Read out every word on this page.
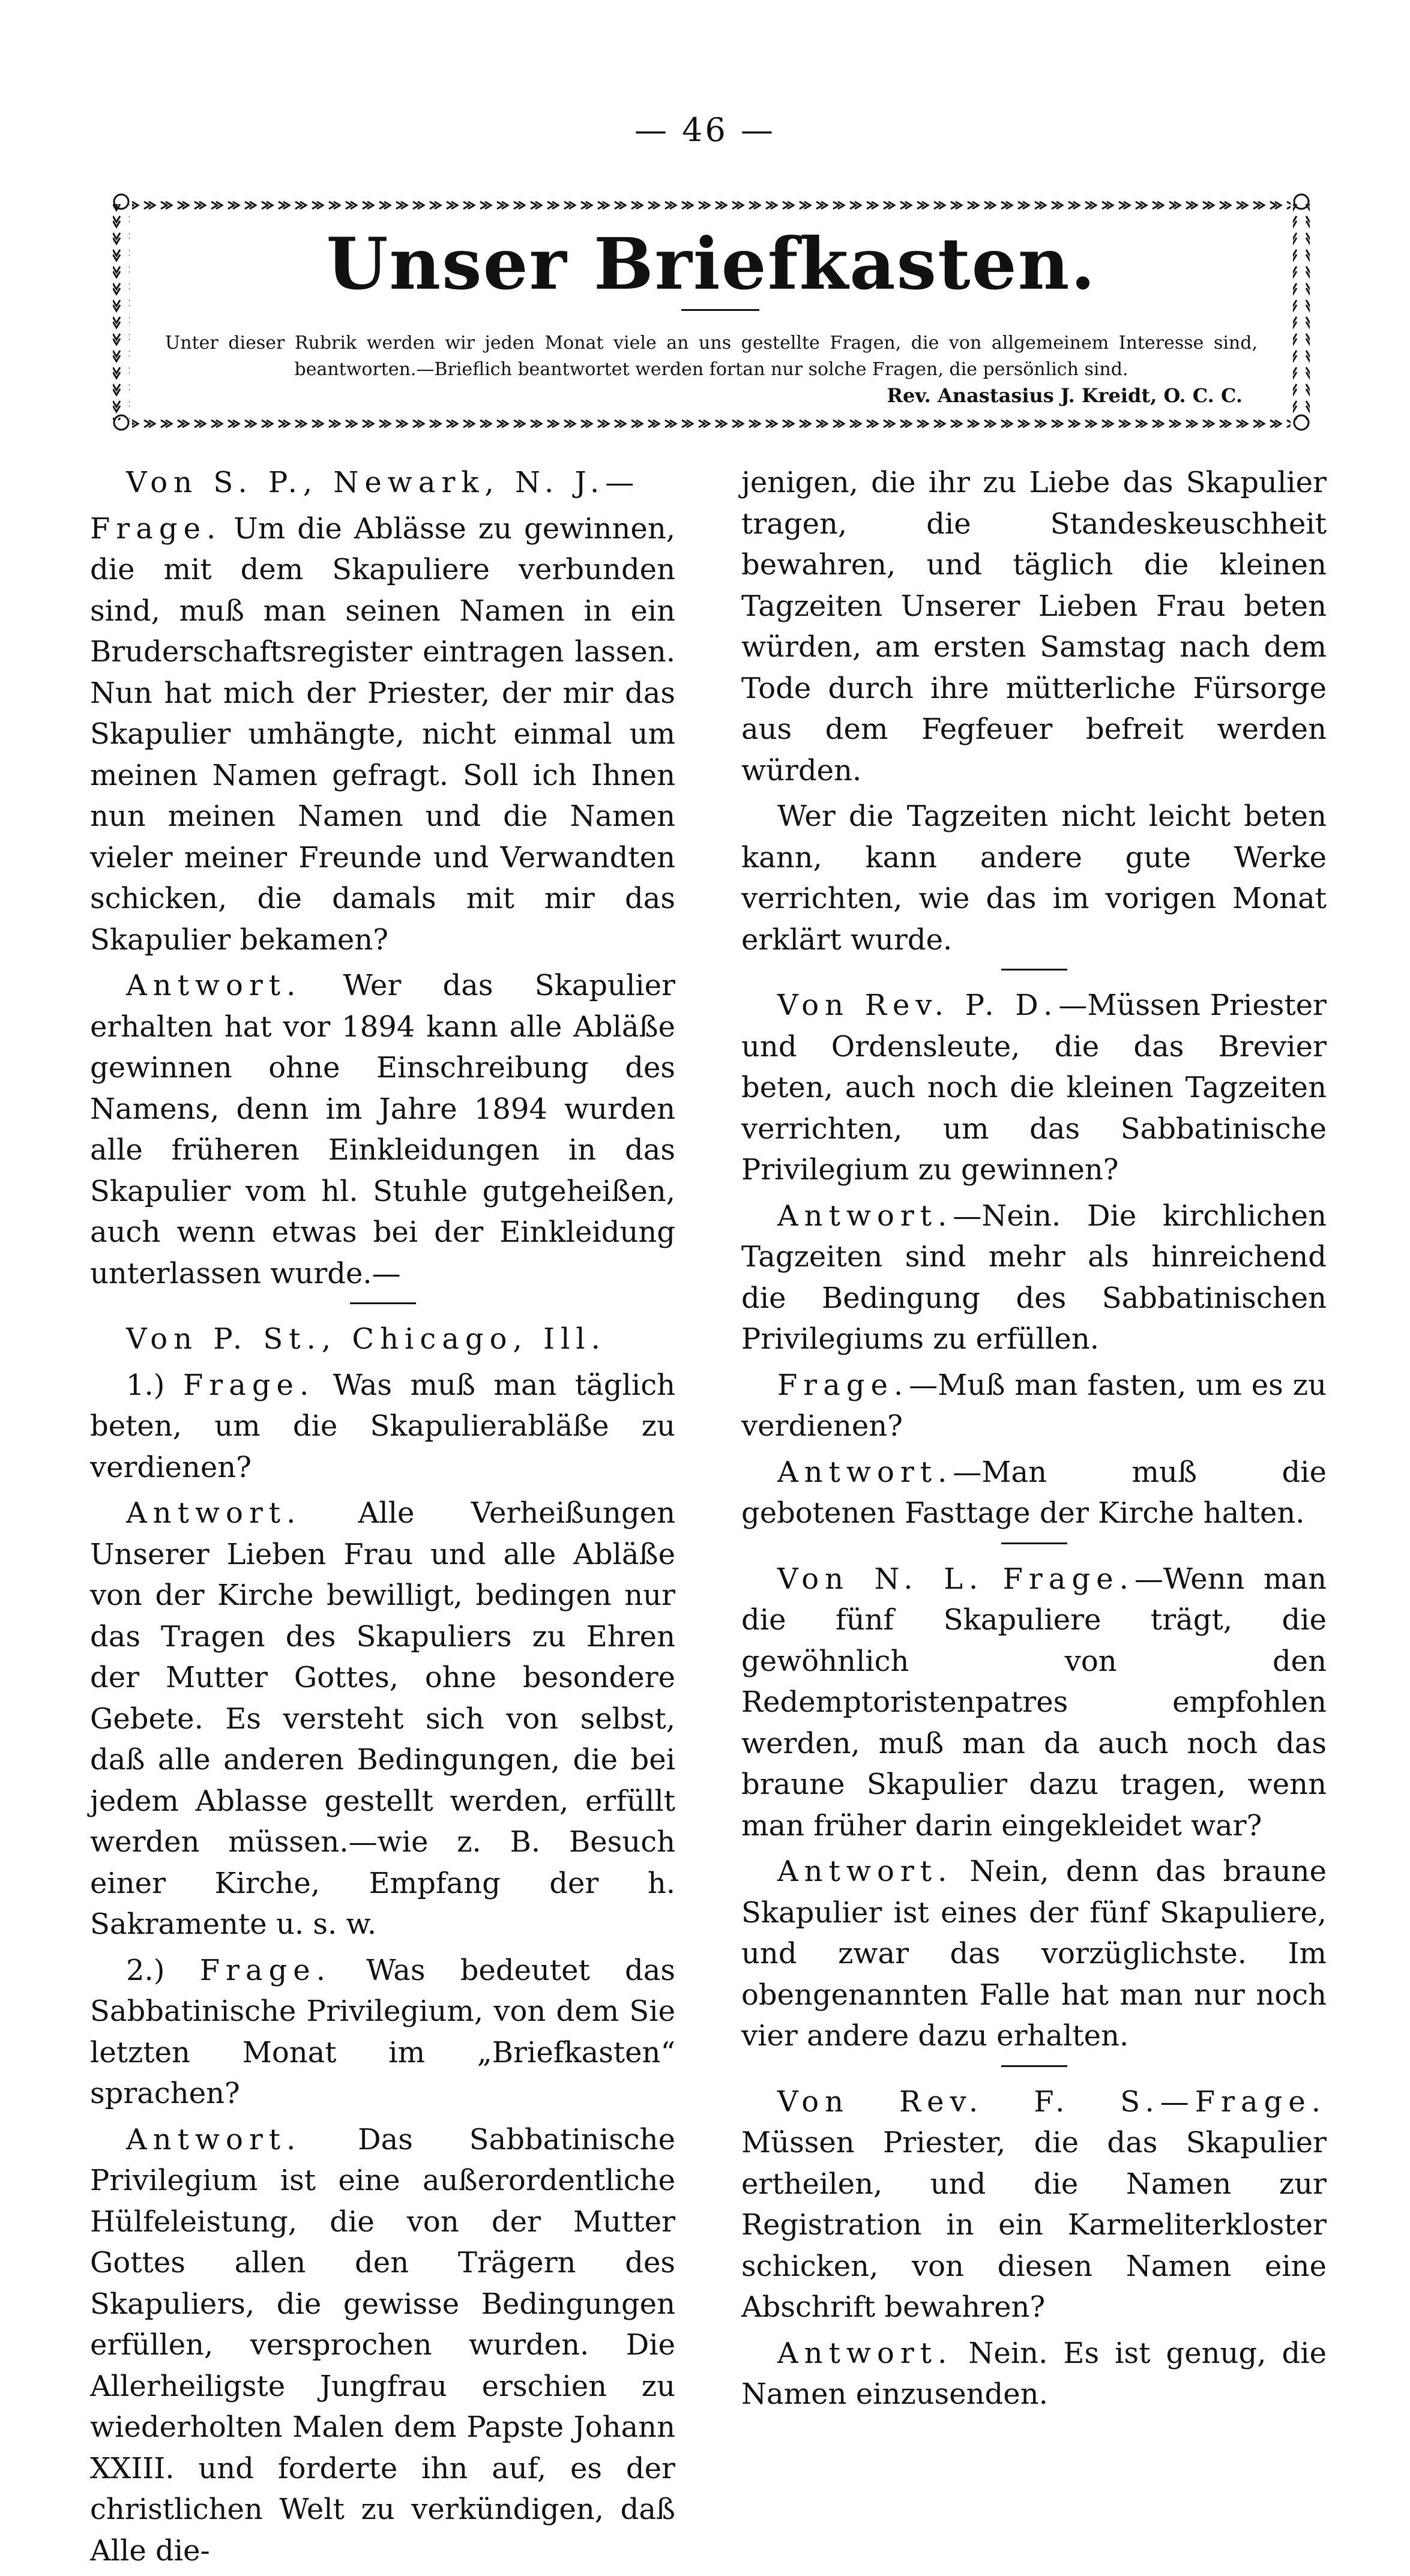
— 46 —
Unser Briefkasten.
Unter dieser Rubrik werden wir jeden Monat viele an uns gestellte Fragen, die von allgemeinem Interesse sind, beantworten.—Brieflich beantwortet werden fortan nur solche Fragen, die persönlich sind.
Rev. Anastasius J. Kreidt, O. C. C.

Von S. P., Newark, N. J.—

Frage. Um die Ablässe zu gewinnen, die mit dem Skapuliere verbunden sind, muß man seinen Namen in ein Bruderschaftsregister eintragen lassen. Nun hat mich der Priester, der mir das Skapulier umhängte, nicht einmal um meinen Namen gefragt. Soll ich Ihnen nun meinen Namen und die Namen vieler meiner Freunde und Verwandten schicken, die damals mit mir das Skapulier bekamen?

Antwort. Wer das Skapulier erhalten hat vor 1894 kann alle Abläße gewinnen ohne Einschreibung des Namens, denn im Jahre 1894 wurden alle früheren Einkleidungen in das Skapulier vom hl. Stuhle gutgeheißen, auch wenn etwas bei der Einkleidung unterlassen wurde.—

Von P. St., Chicago, Ill.

1.) Frage. Was muß man täglich beten, um die Skapulierabläße zu verdienen?

Antwort. Alle Verheißungen Unserer Lieben Frau und alle Abläße von der Kirche bewilligt, bedingen nur das Tragen des Skapuliers zu Ehren der Mutter Gottes, ohne besondere Gebete. Es versteht sich von selbst, daß alle anderen Bedingungen, die bei jedem Ablasse gestellt werden, erfüllt werden müssen.—wie z. B. Besuch einer Kirche, Empfang der h. Sakramente u. s. w.

2.) Frage. Was bedeutet das Sabbatinische Privilegium, von dem Sie letzten Monat im „Briefkasten“ sprachen?

Antwort. Das Sabbatinische Privilegium ist eine außerordentliche Hülfeleistung, die von der Mutter Gottes allen den Trägern des Skapuliers, die gewisse Bedingungen erfüllen, versprochen wurden. Die Allerheiligste Jungfrau erschien zu wiederholten Malen dem Papste Johann XXIII. und forderte ihn auf, es der christlichen Welt zu verkündigen, daß Alle die-

jenigen, die ihr zu Liebe das Skapulier tragen, die Standeskeuschheit bewahren, und täglich die kleinen Tagzeiten Unserer Lieben Frau beten würden, am ersten Samstag nach dem Tode durch ihre mütterliche Fürsorge aus dem Fegfeuer befreit werden würden.

Wer die Tagzeiten nicht leicht beten kann, kann andere gute Werke verrichten, wie das im vorigen Monat erklärt wurde.

Von Rev. P. D.—Müssen Priester und Ordensleute, die das Brevier beten, auch noch die kleinen Tagzeiten verrichten, um das Sabbatinische Privilegium zu gewinnen?

Antwort.—Nein. Die kirchlichen Tagzeiten sind mehr als hinreichend die Bedingung des Sabbatinischen Privilegiums zu erfüllen.

Frage.—Muß man fasten, um es zu verdienen?

Antwort.—Man muß die gebotenen Fasttage der Kirche halten.

Von N. L. Frage.—Wenn man die fünf Skapuliere trägt, die gewöhnlich von den Redemptoristenpatres empfohlen werden, muß man da auch noch das braune Skapulier dazu tragen, wenn man früher darin eingekleidet war?

Antwort. Nein, denn das braune Skapulier ist eines der fünf Skapuliere, und zwar das vorzüglichste. Im obengenannten Falle hat man nur noch vier andere dazu erhalten.

Von Rev. F. S.—Frage. Müssen Priester, die das Skapulier ertheilen, und die Namen zur Registration in ein Karmeliterkloster schicken, von diesen Namen eine Abschrift bewahren?

Antwort. Nein. Es ist genug, die Namen einzusenden.
